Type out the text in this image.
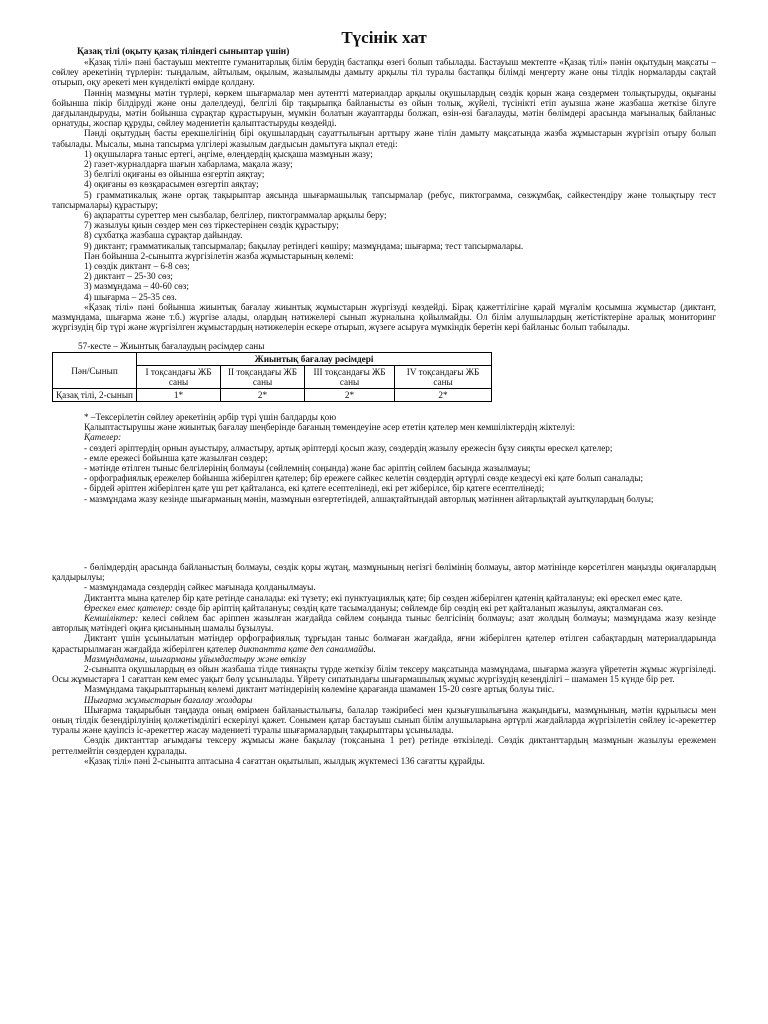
Түсінік хат
Қазақ тілі (оқыту қазақ тіліндегі сыныптар үшін)

«Қазақ тілі» пәні бастауыш мектепте гуманитарлық білім берудің бастапқы өзегі болып табылады. Бастауыш мектепте «Қазақ тілі» пәнін оқытудың мақсаты – сөйлеу әрекетінің түрлерін: тыңдалым, айтылым, оқылым, жазылымды дамыту арқылы тіл туралы бастапқы білімді меңгерту және оны тілдік нормаларды сақтай отырып, оқу әрекеті мен күнделікті өмірде қолдану.

Пәннің мазмұны мәтін түрлері, көркем шығармалар мен аутентті материалдар арқылы оқушылардың сөздік қорын жаңа сөздермен толықтыруды, оқығаны бойынша пікір білдіруді және оны дәлелдеуді, белгілі бір тақырыпқа байланысты өз ойын толық, жүйелі, түсінікті етіп ауызша және жазбаша жеткізе білуге дағдыландыруды, мәтін бойынша сұрақтар құрастыруын, мүмкін болатын жауаптарды болжап, өзін-өзі бағалауды, мәтін бөлімдері арасында мағыналық байланыс орнатуды, жоспар құруды, сөйлеу мәдениетін қалыптастыруды көздейді.

Пәнді оқытудың басты ерекшелігінің бірі оқушылардың сауаттылығын арттыру және тілін дамыту мақсатында жазба жұмыстарын жүргізіп отыру болып табылады. Мысалы, мына тапсырма үлгілері жазылым дағдысын дамытуға ықпал етеді:

1) оқушыларға таныс ертегі, әңгіме, өлеңдердің қысқаша мазмұнын жазу;

2) газет-журналдарға шағын хабарлама, мақала жазу;

3) белгілі оқиғаны өз ойынша өзгертіп аяқтау;

4) оқиғаны өз көзқарасымен өзгертіп аяқтау;

5) грамматикалық және ортақ тақырыптар аясында шығармашылық тапсырмалар (ребус, пиктограмма, сөзжұмбақ, сәйкестендіру және толықтыру тест тапсырмалары) құрастыру;

6) ақпаратты суреттер мен сызбалар, белгілер, пиктограммалар арқылы беру;

7) жазылуы қиын сөздер мен сөз тіркестерінен сөздік құрастыру;

8) сұхбатқа жазбаша сұрақтар дайындау.

9) диктант; грамматикалық тапсырмалар; бақылау ретіндегі көшіру; мазмұндама; шығарма; тест тапсырмалары.

Пән бойынша 2-сыныпта жүргізілетін жазба жұмыстарының көлемі:

1) сөздік диктант – 6-8 сөз;

2) диктант – 25-30 сөз;

3) мазмұндама – 40-60 сөз;

4) шығарма – 25-35 сөз.

«Қазақ тілі» пәні бойынша жиынтық бағалау жиынтық жұмыстарын жүргізуді көздейді. Бірақ қажеттілігіне қарай мұғалім қосымша жұмыстар (диктант, мазмұндама, шығарма және т.б.) жүргізе алады, олардың нәтижелері сынып журналына қойылмайды. Ол білім алушылардың жетістіктеріне аралық мониторинг жүргізудің бір түрі және жүргізілген жұмыстардың нәтижелерін ескере отырып, жүзеге асыруға мүмкіндік беретін кері байланыс болып табылады.

57-кесте – Жиынтық бағалаудың рәсімдер саны
Пән/Сынып	Жиынтық бағалау рәсімдері			
	I тоқсандағы ЖБ саны	II тоқсандағы ЖБ саны	III тоқсандағы ЖБ саны	IV тоқсандағы ЖБ саны
Қазақ тілі, 2-сынып	1*	2*	2*	2*

* –Тексерілетін сөйлеу әрекетінің әрбір түрі үшін балдарды қою

Қалыптастырушы және жиынтық бағалау шеңберінде бағаның төмендеуіне әсер ететін қателер мен кемшіліктердің жіктелуі:

Қателер:

- сөздегі әріптердің орнын ауыстыру, алмастыру, артық әріптерді қосып жазу, сөздердің жазылу ережесін бұзу сияқты өрескел қателер;

- емле ережесі бойынша қате жазылған сөздер;

- мәтінде өтілген тыныс белгілерінің болмауы (сөйлемнің соңында) және бас әріптің сөйлем басында жазылмауы;

- орфографиялық ережелер бойынша жіберілген қателер; бір ережеге сәйкес келетін сөздердің әртүрлі сөзде кездесуі екі қате болып саналады;

- бірдей әріптен жіберілген қате үш рет қайталанса, екі қатеге есептелінеді, екі рет жіберілсе, бір қатеге есептелінеді;

- мазмұндама жазу кезінде шығарманың мәнін, мазмұнын өзгертетіндей, алшақтайтындай авторлық мәтіннен айтарлықтай ауытқулардың болуы;

- бөлімдердің арасында байланыстың болмауы, сөздік қоры жұтаң, мазмұнының негізгі бөлімінің болмауы, автор мәтінінде көрсетілген маңызды оқиғалардың қалдырылуы;

- мазмұндамада сөздердің сәйкес мағынада қолданылмауы.

Диктантта мына қателер бір қате ретінде саналады: екі түзету; екі пунктуациялық қате; бір сөзден жіберілген қатенің қайталануы; екі өрескел емес қате.

Өрескел емес қателер: сөзде бір әріптің қайталануы; сөздің қате тасымалдануы; сөйлемде бір сөздің екі рет қайталанып жазылуы, аяқталмаған сөз.

Кемшіліктер: келесі сөйлем бас әріппен жазылған жағдайда сөйлем соңында тыныс белгісінің болмауы; азат жолдың болмауы; мазмұндама жазу кезінде авторлық мәтіндегі оқиға қисынының шамалы бұзылуы.

Диктант үшін ұсынылатын мәтіндер орфографиялық тұрғыдан таныс болмаған жағдайда, яғни жіберілген қателер өтілген сабақтардың материалдарында қарастырылмаған жағдайда жіберілген қателер диктантта қате деп саналмайды.

Мазмұндаманы, шығарманы ұйымдастыру және өткізу

2-сыныпта оқушылардың өз ойын жазбаша тілде тиянақты түрде жеткізу білім тексеру мақсатында мазмұндама, шығарма жазуға үйрететін жұмыс жүргізіледі. Осы жұмыстарға 1 сағаттан кем емес уақыт бөлу ұсынылады. Үйрету сипатындағы шығармашылық жұмыс жүргізудің кезеңділігі – шамамен 15 күнде бір рет.

Мазмұндама тақырыптарының көлемі диктант мәтіндерінің көлеміне қарағанда шамамен 15-20 сөзге артық болуы тиіс.

Шығарма жұмыстарын бағалау жолдары

Шығарма тақырыбын таңдауда оның өмірмен байланыстылығы, балалар тәжірибесі мен қызығушылығына жақындығы, мазмұнының, мәтін құрылысы мен оның тілдік безендірілуінің қолжетімділігі ескерілуі қажет. Сонымен қатар бастауыш сынып білім алушыларына әртүрлі жағдайларда жүргізілетін сөйлеу іс-әрекеттер туралы және қауіпсіз іс-әрекеттер жасау мәдениеті туралы шығармалардың тақырыптары ұсынылады.

Сөздік диктанттар ағымдағы тексеру жұмысы және бақылау (тоқсанына 1 рет) ретінде өткізіледі. Сөздік диктанттардың мазмұнын жазылуы ережемен реттелмейтін сөздерден құралады.

«Қазақ тілі» пәні 2-сыныпта аптасына 4 сағаттан оқытылып, жылдық жүктемесі 136 сағатты құрайды.
